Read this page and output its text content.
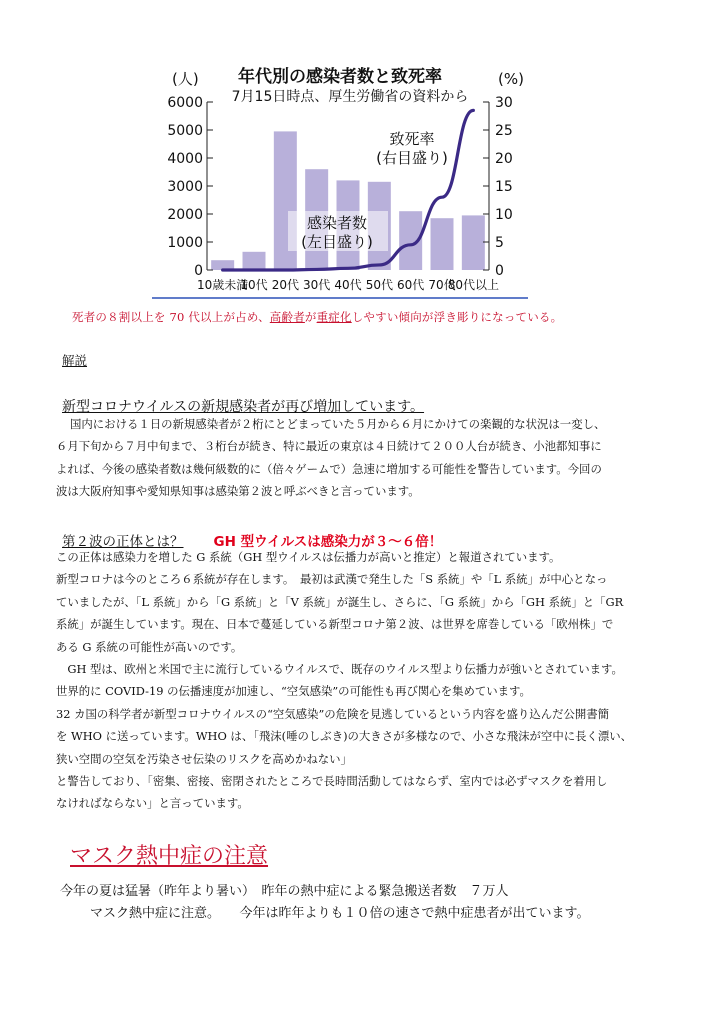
0
1000
2000
3000
4000
5000
6000
0
5
10
15
20
25
30
10歳未満
10代 20代 30代 40代 50代 60代 70代
80代以上
年代別の感染者数と致死率
7月15日時点、厚生労働省の資料から
(人)	(%)
致死率
(右目盛り)
感染者数
(左目盛り)
死者の８割以上を 70 代以上が占め、高齢者が重症化しやすい傾向が浮き彫りになっている。
解説
新型コロナウイルスの新規感染者が再び増加しています。
国内における１日の新規感染者が２桁にとどまっていた５月から６月にかけての楽観的な状況は一変し、
６月下旬から７月中旬まで、３桁台が続き、特に最近の東京は４日続けて２００人台が続き、小池都知事に
よれば、今後の感染者数は幾何級数的に（倍々ゲームで）急速に増加する可能性を警告しています。今回の
波は大阪府知事や愛知県知事は感染第２波と呼ぶべきと言っています。
第２波の正体とは？ GH 型ウイルスは感染力が３～６倍！
この正体は感染力を増した G 系統（GH 型ウイルスは伝播力が高いと推定）と報道されています。
新型コロナは今のところ６系統が存在します。　最初は武漢で発生した「S 系統」や「L 系統」が中心となっ
ていましたが、「L 系統」から「G 系統」と「V 系統」が誕生し、さらに、「G 系統」から「GH 系統」と「GR
系統」が誕生しています。現在、日本で蔓延している新型コロナ第２波、は世界を席巻している「欧州株」で
ある G 系統の可能性が高いのです。
　GH 型は、欧州と米国で主に流行しているウイルスで、既存のウイルス型より伝播力が強いとされています。
世界的に COVID-19 の伝播速度が加速し、“空気感染”の可能性も再び関心を集めています。
32 カ国の科学者が新型コロナウイルスの“空気感染”の危険を見逃しているという内容を盛り込んだ公開書簡
を WHO に送っています。WHO は、｢飛沫(唾のしぶき)の大きさが多様なので、小さな飛沫が空中に長く漂い、
狭い空間の空気を汚染させ伝染のリスクを高めかねない」
と警告しており、「密集、密接、密閉されたところで長時間活動してはならず、室内では必ずマスクを着用し
なければならない」と言っています。
マスク熱中症の注意
今年の夏は猛暑（昨年より暑い）　昨年の熱中症による緊急搬送者数　７万人
マスク熱中症に注意。　　今年は昨年よりも１０倍の速さで熱中症患者が出ています。
